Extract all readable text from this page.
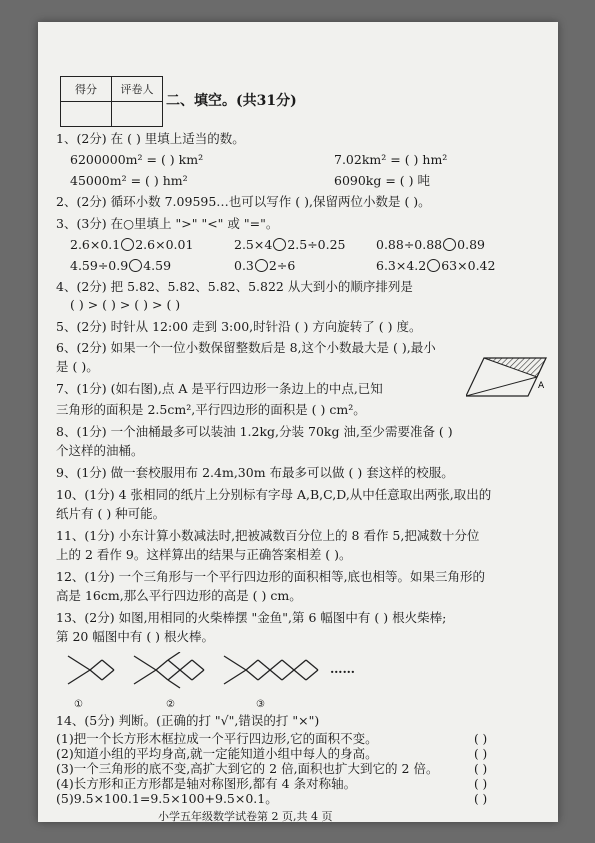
得分	评卷人

二、填空。(共31分)
1、(2分) 在 ( ) 里填上适当的数。
6200000m² = ( ) km²	7.02km² = ( ) hm²
45000m² = ( ) hm²	6090kg = ( ) 吨
2、(2分) 循环小数 7.09595…也可以写作 ( ),保留两位小数是 ( )。
3、(3分) 在○里填上 ">" "<" 或 "="。
2.6×0.1 2.6×0.01	2.5×4 2.5÷0.25 0.88÷0.88 0.89
4.59÷0.9 4.59	0.3 2÷6	6.3×4.2 63×0.42
4、(2分) 把 5.82、5.82、5.82、5.822 从大到小的顺序排列是
( ) > ( ) > ( ) > ( )
5、(2分) 时针从 12:00 走到 3:00,时针沿 ( ) 方向旋转了 ( ) 度。
6、(2分) 如果一个一位小数保留整数后是 8,这个小数最大是 ( ),最小
是 ( )。
7、(1分) (如右图),点 A 是平行四边形一条边上的中点,已知
三角形的面积是 2.5cm²,平行四边形的面积是 ( ) cm²。
A
8、(1分) 一个油桶最多可以装油 1.2kg,分装 70kg 油,至少需要准备 ( )
个这样的油桶。
9、(1分) 做一套校服用布 2.4m,30m 布最多可以做 ( ) 套这样的校服。
10、(1分) 4 张相同的纸片上分别标有字母 A,B,C,D,从中任意取出两张,取出的
纸片有 ( ) 种可能。
11、(1分) 小东计算小数减法时,把被减数百分位上的 8 看作 5,把减数十分位
上的 2 看作 9。这样算出的结果与正确答案相差 ( )。
12、(1分) 一个三角形与一个平行四边形的面积相等,底也相等。如果三角形的
高是 16cm,那么平行四边形的高是 ( ) cm。
13、(2分) 如图,用相同的火柴棒摆 "金鱼",第 6 幅图中有 ( ) 根火柴棒;
第 20 幅图中有 ( ) 根火棒。
①	②	③
……
14、(5分) 判断。(正确的打 "√",错误的打 "×")
(1)把一个长方形木框拉成一个平行四边形,它的面积不变。	( )
(2)知道小组的平均身高,就一定能知道小组中每人的身高。	( )
(3)一个三角形的底不变,高扩大到它的 2 倍,面积也扩大到它的 2 倍。	( )
(4)长方形和正方形都是轴对称图形,都有 4 条对称轴。	( )
(5)9.5×100.1=9.5×100+9.5×0.1。	( )
小学五年级数学试卷第 2 页,共 4 页
